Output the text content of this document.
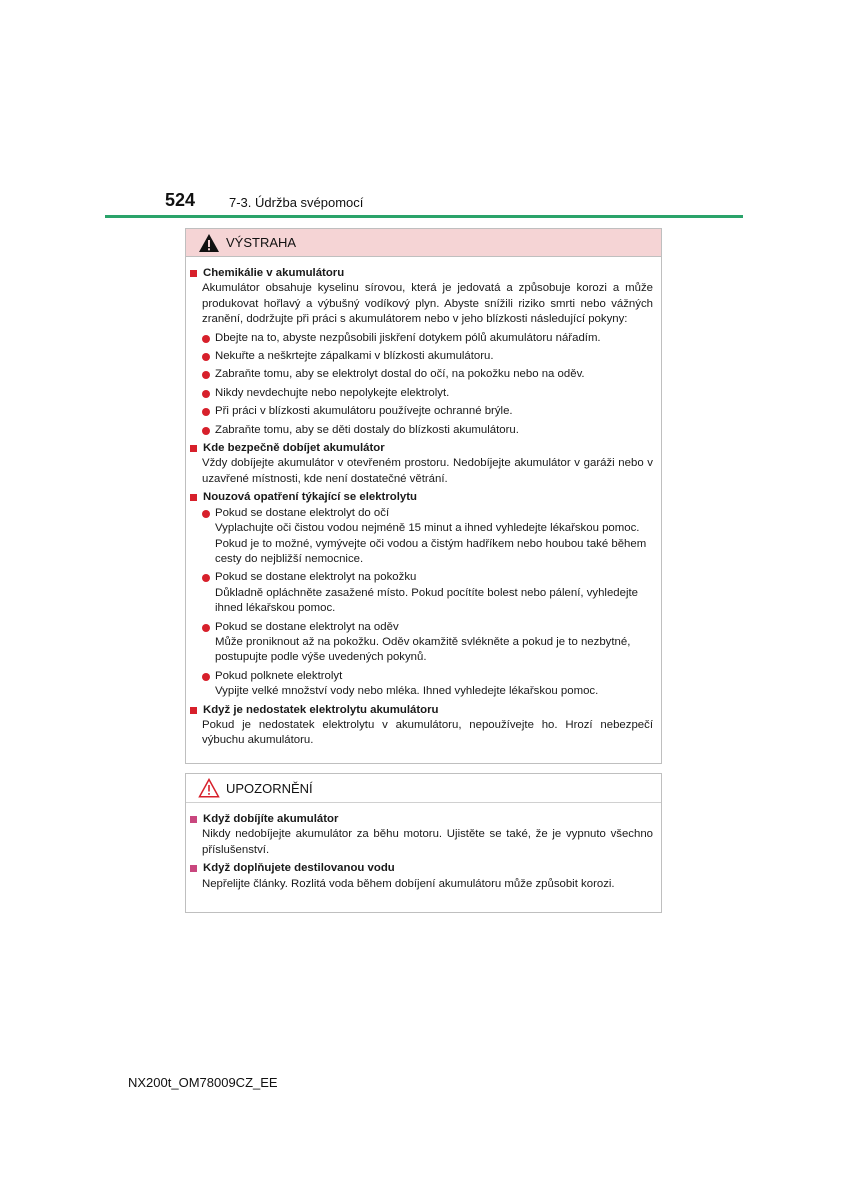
524	7-3. Údržba svépomocí
VÝSTRAHA
Chemikálie v akumulátoru
Akumulátor obsahuje kyselinu sírovou, která je jedovatá a způsobuje korozi a může produkovat hořlavý a výbušný vodíkový plyn. Abyste snížili riziko smrti nebo vážných zranění, dodržujte při práci s akumulátorem nebo v jeho blízkosti následující pokyny:
Dbejte na to, abyste nezpůsobili jiskření dotykem pólů akumulátoru nářadím.
Nekuřte a neškrtejte zápalkami v blízkosti akumulátoru.
Zabraňte tomu, aby se elektrolyt dostal do očí, na pokožku nebo na oděv.
Nikdy nevdechujte nebo nepolykejte elektrolyt.
Při práci v blízkosti akumulátoru používejte ochranné brýle.
Zabraňte tomu, aby se děti dostaly do blízkosti akumulátoru.
Kde bezpečně dobíjet akumulátor
Vždy dobíjejte akumulátor v otevřeném prostoru. Nedobíjejte akumulátor v garáži nebo v uzavřené místnosti, kde není dostatečné větrání.
Nouzová opatření týkající se elektrolytu
Pokud se dostane elektrolyt do očí
Vyplachujte oči čistou vodou nejméně 15 minut a ihned vyhledejte lékařskou pomoc. Pokud je to možné, vymývejte oči vodou a čistým hadříkem nebo houbou také během cesty do nejbližší nemocnice.
Pokud se dostane elektrolyt na pokožku
Důkladně opláchněte zasažené místo. Pokud pocítíte bolest nebo pálení, vyhledejte ihned lékařskou pomoc.
Pokud se dostane elektrolyt na oděv
Může proniknout až na pokožku. Oděv okamžitě svlékněte a pokud je to nezbytné, postupujte podle výše uvedených pokynů.
Pokud polknete elektrolyt
Vypijte velké množství vody nebo mléka. Ihned vyhledejte lékařskou pomoc.
Když je nedostatek elektrolytu akumulátoru
Pokud je nedostatek elektrolytu v akumulátoru, nepoužívejte ho. Hrozí nebezpečí výbuchu akumulátoru.
UPOZORNĚNÍ
Když dobíjíte akumulátor
Nikdy nedobíjejte akumulátor za běhu motoru. Ujistěte se také, že je vypnuto všechno příslušenství.
Když doplňujete destilovanou vodu
Nepřelijte články. Rozlitá voda během dobíjení akumulátoru může způsobit korozi.
NX200t_OM78009CZ_EE
